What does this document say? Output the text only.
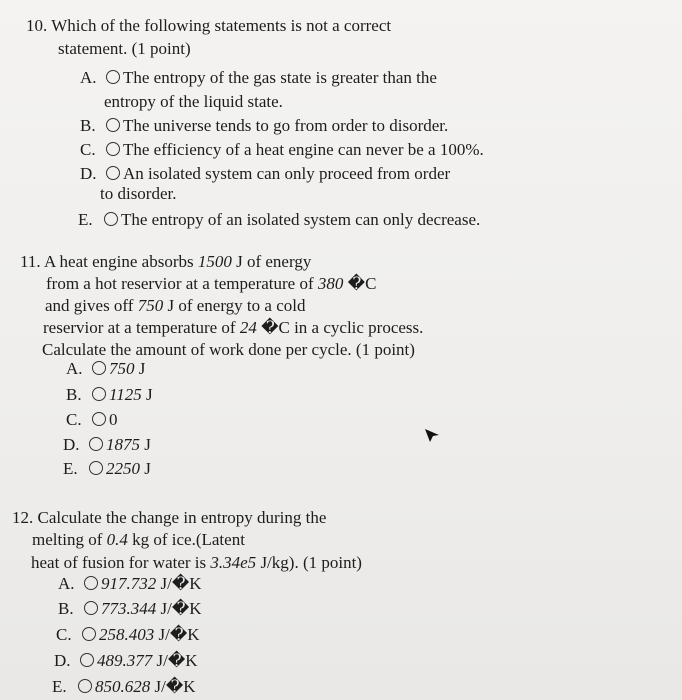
10. Which of the following statements is not a correct
statement. (1 point)
A. The entropy of the gas state is greater than the
entropy of the liquid state.
B. The universe tends to go from order to disorder.
C. The efficiency of a heat engine can never be a 100%.
D. An isolated system can only proceed from order
to disorder.
E. The entropy of an isolated system can only decrease.
11. A heat engine absorbs 1500 J of energy
from a hot reservior at a temperature of 380 �C
and gives off 750 J of energy to a cold
reservior at a temperature of 24 �C in a cyclic process.
Calculate the amount of work done per cycle. (1 point)
A. 750 J
B. 1125 J
C. 0
D. 1875 J
E. 2250 J
12. Calculate the change in entropy during the
melting of 0.4 kg of ice.(Latent
heat of fusion for water is 3.34e5 J/kg). (1 point)
A. 917.732 J/�K
B. 773.344 J/�K
C. 258.403 J/�K
D. 489.377 J/�K
E. 850.628 J/�K
